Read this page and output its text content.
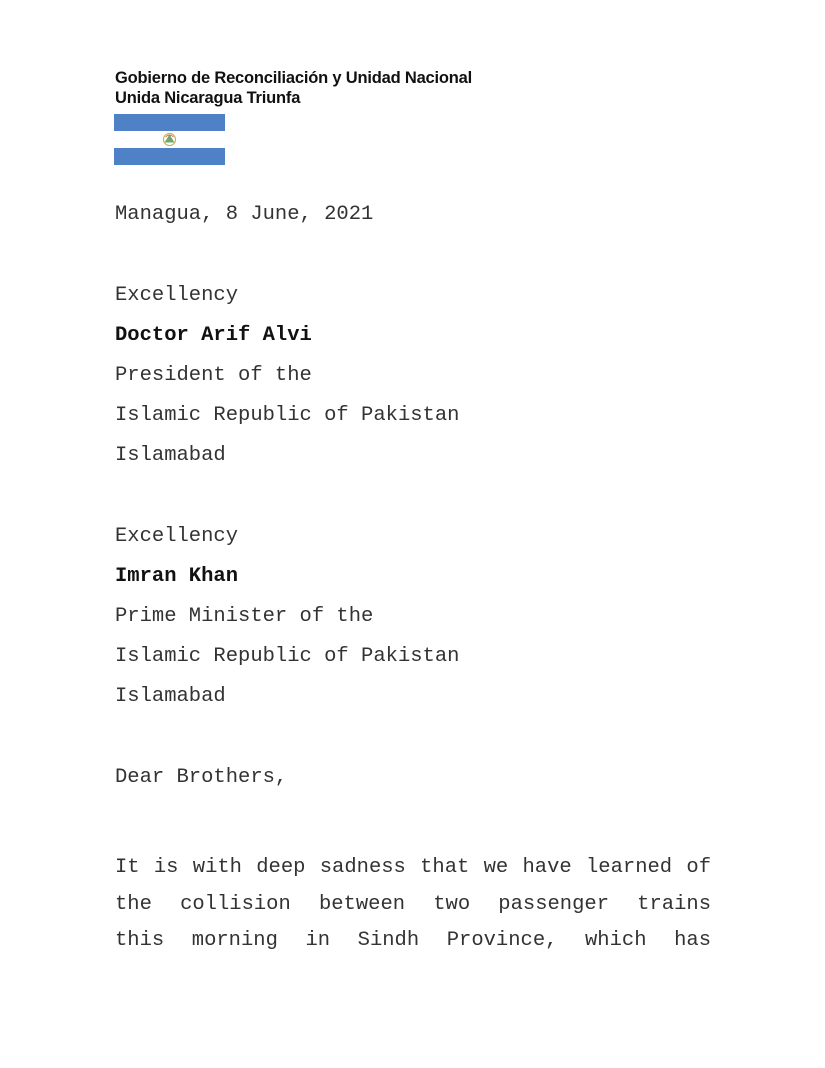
Gobierno de Reconciliación y Unidad Nacional
Unida Nicaragua Triunfa
Managua, 8 June, 2021
Excellency
Doctor Arif Alvi
President of the
Islamic Republic of Pakistan
Islamabad
Excellency
Imran Khan
Prime Minister of the
Islamic Republic of Pakistan
Islamabad
Dear Brothers,
It is with deep sadness that we have learned of
the collision between two passenger trains
this morning in Sindh Province, which has
